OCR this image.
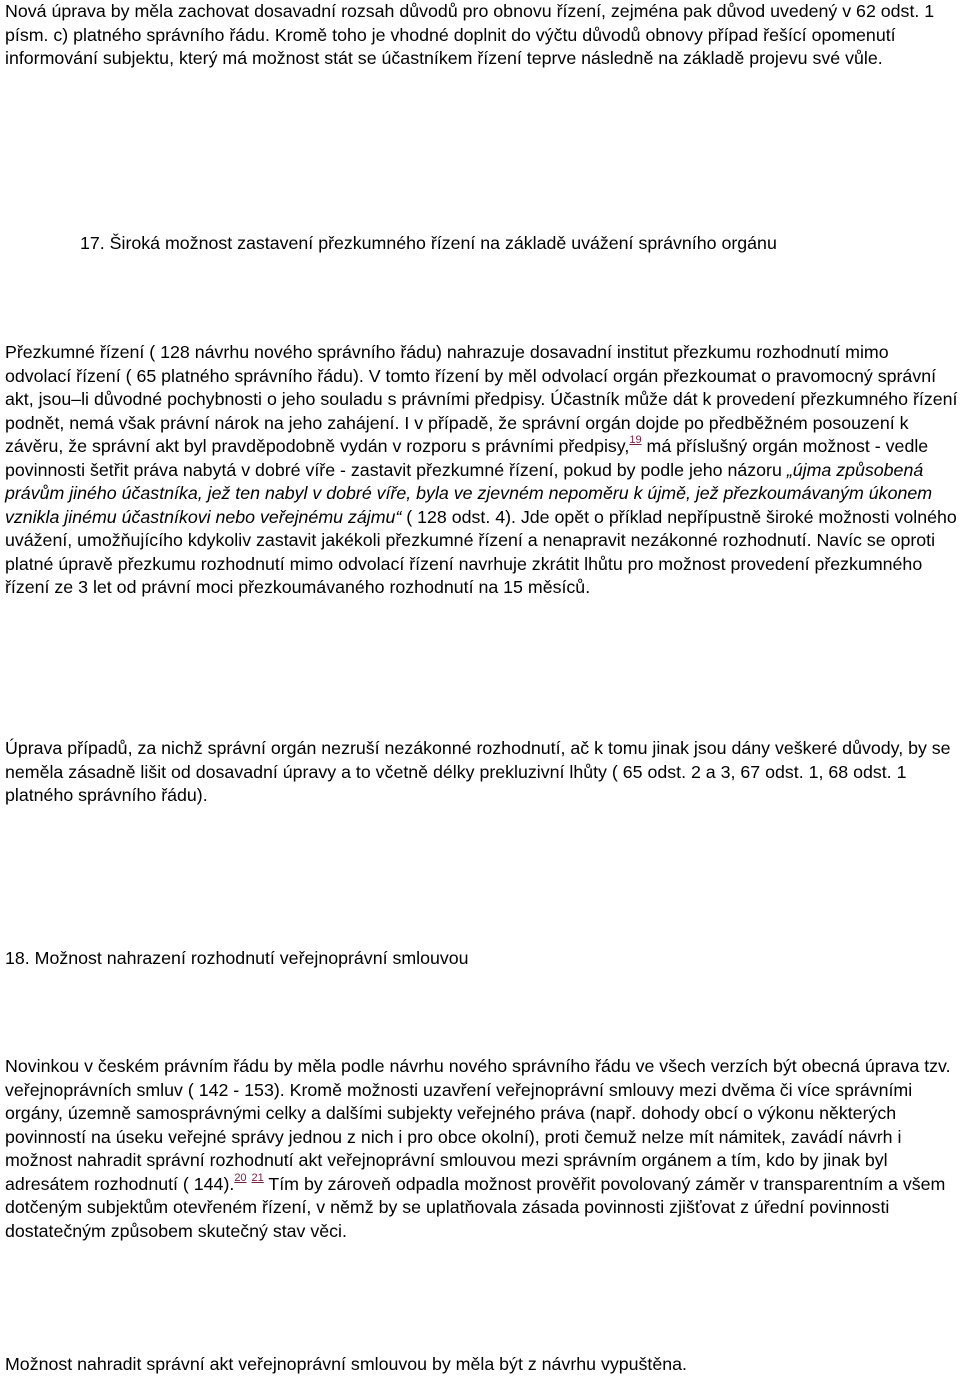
Nová úprava by měla zachovat dosavadní rozsah důvodů pro obnovu řízení, zejména pak důvod uvedený v 62 odst. 1 písm. c) platného správního řádu. Kromě toho je vhodné doplnit do výčtu důvodů obnovy případ řešící opomenutí informování subjektu, který má možnost stát se účastníkem řízení teprve následně na základě projevu své vůle.

17. Široká možnost zastavení přezkumného řízení na základě uvážení správního orgánu

Přezkumné řízení ( 128 návrhu nového správního řádu) nahrazuje dosavadní institut přezkumu rozhodnutí mimo odvolací řízení ( 65 platného správního řádu). V tomto řízení by měl odvolací orgán přezkoumat o pravomocný správní akt, jsou–li důvodné pochybnosti o jeho souladu s právními předpisy. Účastník může dát k provedení přezkumného řízení podnět, nemá však právní nárok na jeho zahájení. I v případě, že správní orgán dojde po předběžném posouzení k závěru, že správní akt byl pravděpodobně vydán v rozporu s právními předpisy,$^{19}$ má příslušný orgán možnost - vedle povinnosti šetřit práva nabytá v dobré víře - zastavit přezkumné řízení, pokud by podle jeho názoru „újma způsobená právům jiného účastníka, jež ten nabyl v dobré víře, byla ve zjevném nepoměru k újmě, jež přezkoumávaným úkonem vznikla jinému účastníkovi nebo veřejnému zájmu“ ( 128 odst. 4). Jde opět o příklad nepřípustně široké možnosti volného uvážení, umožňujícího kdykoliv zastavit jakékoli přezkumné řízení a nenapravit nezákonné rozhodnutí. Navíc se oproti platné úpravě přezkumu rozhodnutí mimo odvolací řízení navrhuje zkrátit lhůtu pro možnost provedení přezkumného řízení ze 3 let od právní moci přezkoumávaného rozhodnutí na 15 měsíců.

Úprava případů, za nichž správní orgán nezruší nezákonné rozhodnutí, ač k tomu jinak jsou dány veškeré důvody, by se neměla zásadně lišit od dosavadní úpravy a to včetně délky prekluzivní lhůty ( 65 odst. 2 a 3, 67 odst. 1, 68 odst. 1 platného správního řádu).

18. Možnost nahrazení rozhodnutí veřejnoprávní smlouvou

Novinkou v českém právním řádu by měla podle návrhu nového správního řádu ve všech verzích být obecná úprava tzv. veřejnoprávních smluv ( 142 - 153). Kromě možnosti uzavření veřejnoprávní smlouvy mezi dvěma či více správními orgány, územně samosprávnými celky a dalšími subjekty veřejného práva (např. dohody obcí o výkonu některých povinností na úseku veřejné správy jednou z nich i pro obce okolní), proti čemuž nelze mít námitek, zavádí návrh i možnost nahradit správní rozhodnutí akt veřejnoprávní smlouvou mezi správním orgánem a tím, kdo by jinak byl adresátem rozhodnutí ( 144).$^{20}$ $^{21}$ Tím by zároveň odpadla možnost prověřit povolovaný záměr v transparentním a všem dotčeným subjektům otevřeném řízení, v němž by se uplatňovala zásada povinnosti zjišťovat z úřední povinnosti dostatečným způsobem skutečný stav věci.

Možnost nahradit správní akt veřejnoprávní smlouvou by měla být z návrhu vypuštěna.
